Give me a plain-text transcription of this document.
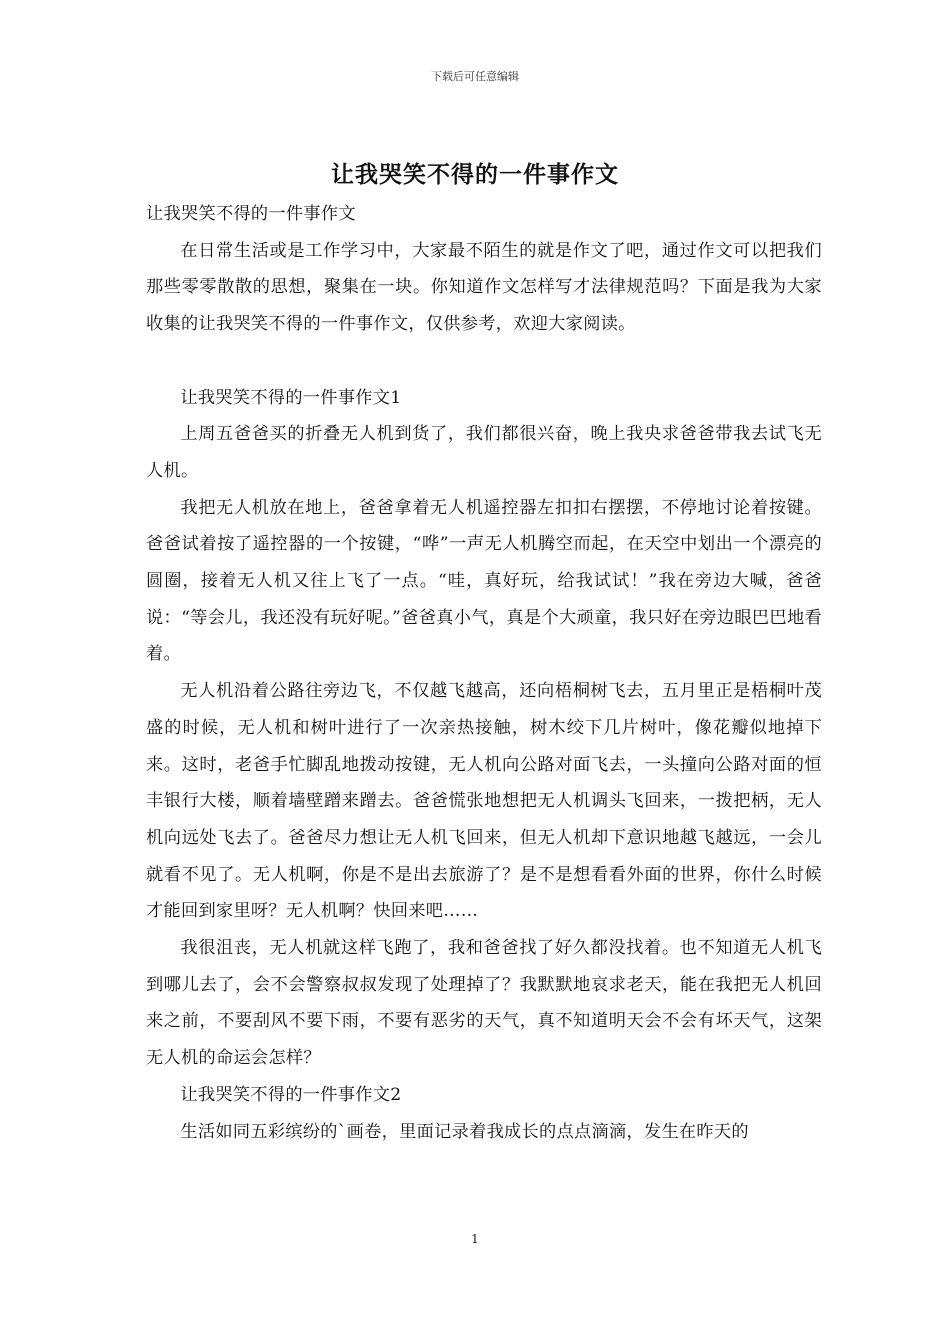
下载后可任意编辑
让我哭笑不得的一件事作文

让我哭笑不得的一件事作文

在日常生活或是工作学习中，大家最不陌生的就是作文了吧，通过作文可以把我们那些零零散散的思想，聚集在一块。你知道作文怎样写才法律规范吗？下面是我为大家收集的让我哭笑不得的一件事作文，仅供参考，欢迎大家阅读。

让我哭笑不得的一件事作文1

上周五爸爸买的折叠无人机到货了，我们都很兴奋，晚上我央求爸爸带我去试飞无人机。

我把无人机放在地上，爸爸拿着无人机遥控器左扣扣右摆摆，不停地讨论着按键。爸爸试着按了遥控器的一个按键，“哗”一声无人机腾空而起，在天空中划出一个漂亮的圆圈，接着无人机又往上飞了一点。“哇，真好玩，给我试试！”我在旁边大喊，爸爸说：“等会儿，我还没有玩好呢。”爸爸真小气，真是个大顽童，我只好在旁边眼巴巴地看着。

无人机沿着公路往旁边飞，不仅越飞越高，还向梧桐树飞去，五月里正是梧桐叶茂盛的时候，无人机和树叶进行了一次亲热接触，树木绞下几片树叶，像花瓣似地掉下来。这时，老爸手忙脚乱地拨动按键，无人机向公路对面飞去，一头撞向公路对面的恒丰银行大楼，顺着墙壁蹭来蹭去。爸爸慌张地想把无人机调头飞回来，一拨把柄，无人机向远处飞去了。爸爸尽力想让无人机飞回来，但无人机却下意识地越飞越远，一会儿就看不见了。无人机啊，你是不是出去旅游了？是不是想看看外面的世界，你什么时候才能回到家里呀？无人机啊？快回来吧……

我很沮丧，无人机就这样飞跑了，我和爸爸找了好久都没找着。也不知道无人机飞到哪儿去了，会不会警察叔叔发现了处理掉了？我默默地哀求老天，能在我把无人机回来之前，不要刮风不要下雨，不要有恶劣的天气，真不知道明天会不会有坏天气，这架无人机的命运会怎样？

让我哭笑不得的一件事作文2

生活如同五彩缤纷的`画卷，里面记录着我成长的点点滴滴，发生在昨天的

1
